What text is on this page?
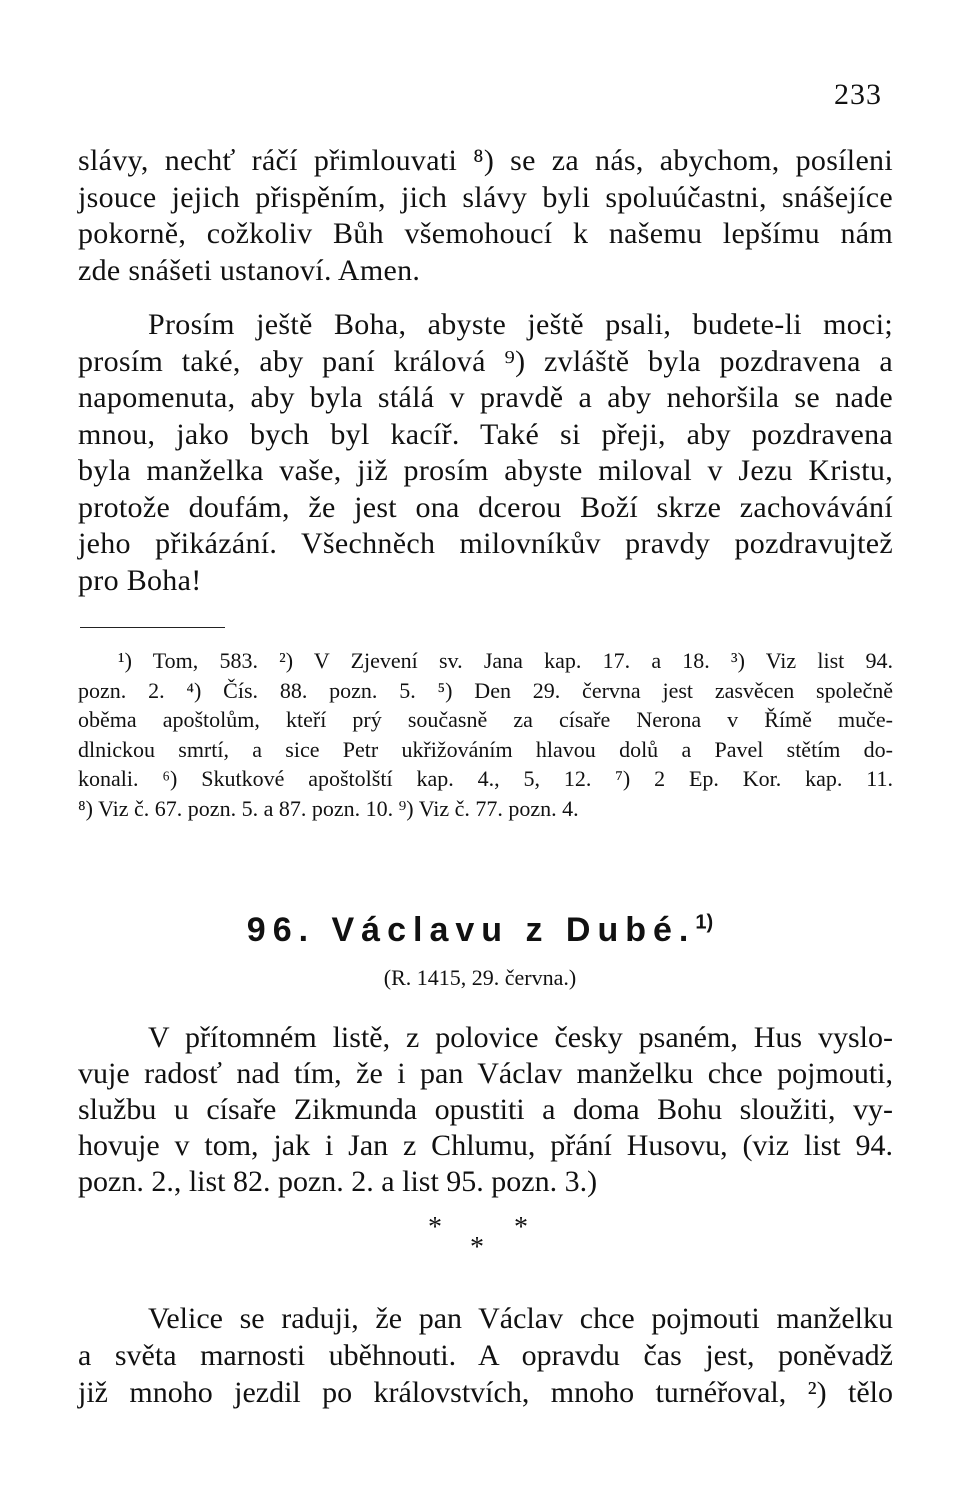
233

slávy, nechť ráčí přimlouvati ⁸) se za nás, abychom, posíleni
jsouce jejich přispěním, jich slávy byli spoluúčastni, snášejíce
pokorně, cožkoliv Bůh všemohoucí k našemu lepšímu nám
zde snášeti ustanoví. Amen.

Prosím ještě Boha, abyste ještě psali, budete-li moci;
prosím také, aby paní králová ⁹) zvláště byla pozdravena a
napomenuta, aby byla stálá v pravdě a aby nehoršila se nade
mnou, jako bych byl kacíř. Také si přeji, aby pozdravena
byla manželka vaše, již prosím abyste miloval v Jezu Kristu,
protože doufám, že jest ona dcerou Boží skrze zachovávání
jeho přikázání. Všechněch milovníkův pravdy pozdravujtež
pro Boha!

¹) Tom, 583. ²) V Zjevení sv. Jana kap. 17. a 18. ³) Viz list 94.
pozn. 2. ⁴) Čís. 88. pozn. 5. ⁵) Den 29. června jest zasvěcen společně
oběma apoštolům, kteří prý současně za císaře Nerona v Římě muče-
dlnickou smrtí, a sice Petr ukřižováním hlavou dolů a Pavel stětím do-
konali. ⁶) Skutkové apoštolští kap. 4., 5, 12. ⁷) 2 Ep. Kor. kap. 11.
⁸) Viz č. 67. pozn. 5. a 87. pozn. 10. ⁹) Viz č. 77. pozn. 4.

96. Václavu z Dubé.$^{1)}$
(R. 1415, 29. června.)

V přítomném listě, z polovice česky psaném, Hus vyslo-
vuje radosť nad tím, že i pan Václav manželku chce pojmouti,
službu u císaře Zikmunda opustiti a doma Bohu sloužiti, vy-
hovuje v tom, jak i Jan z Chlumu, přání Husovu, (viz list 94.
pozn. 2., list 82. pozn. 2. a list 95. pozn. 3.)

*	*
*

Velice se raduji, že pan Václav chce pojmouti manželku
a světa marnosti uběhnouti. A opravdu čas jest, poněvadž
již mnoho jezdil po královstvích, mnoho turnéřoval, ²) tělo
